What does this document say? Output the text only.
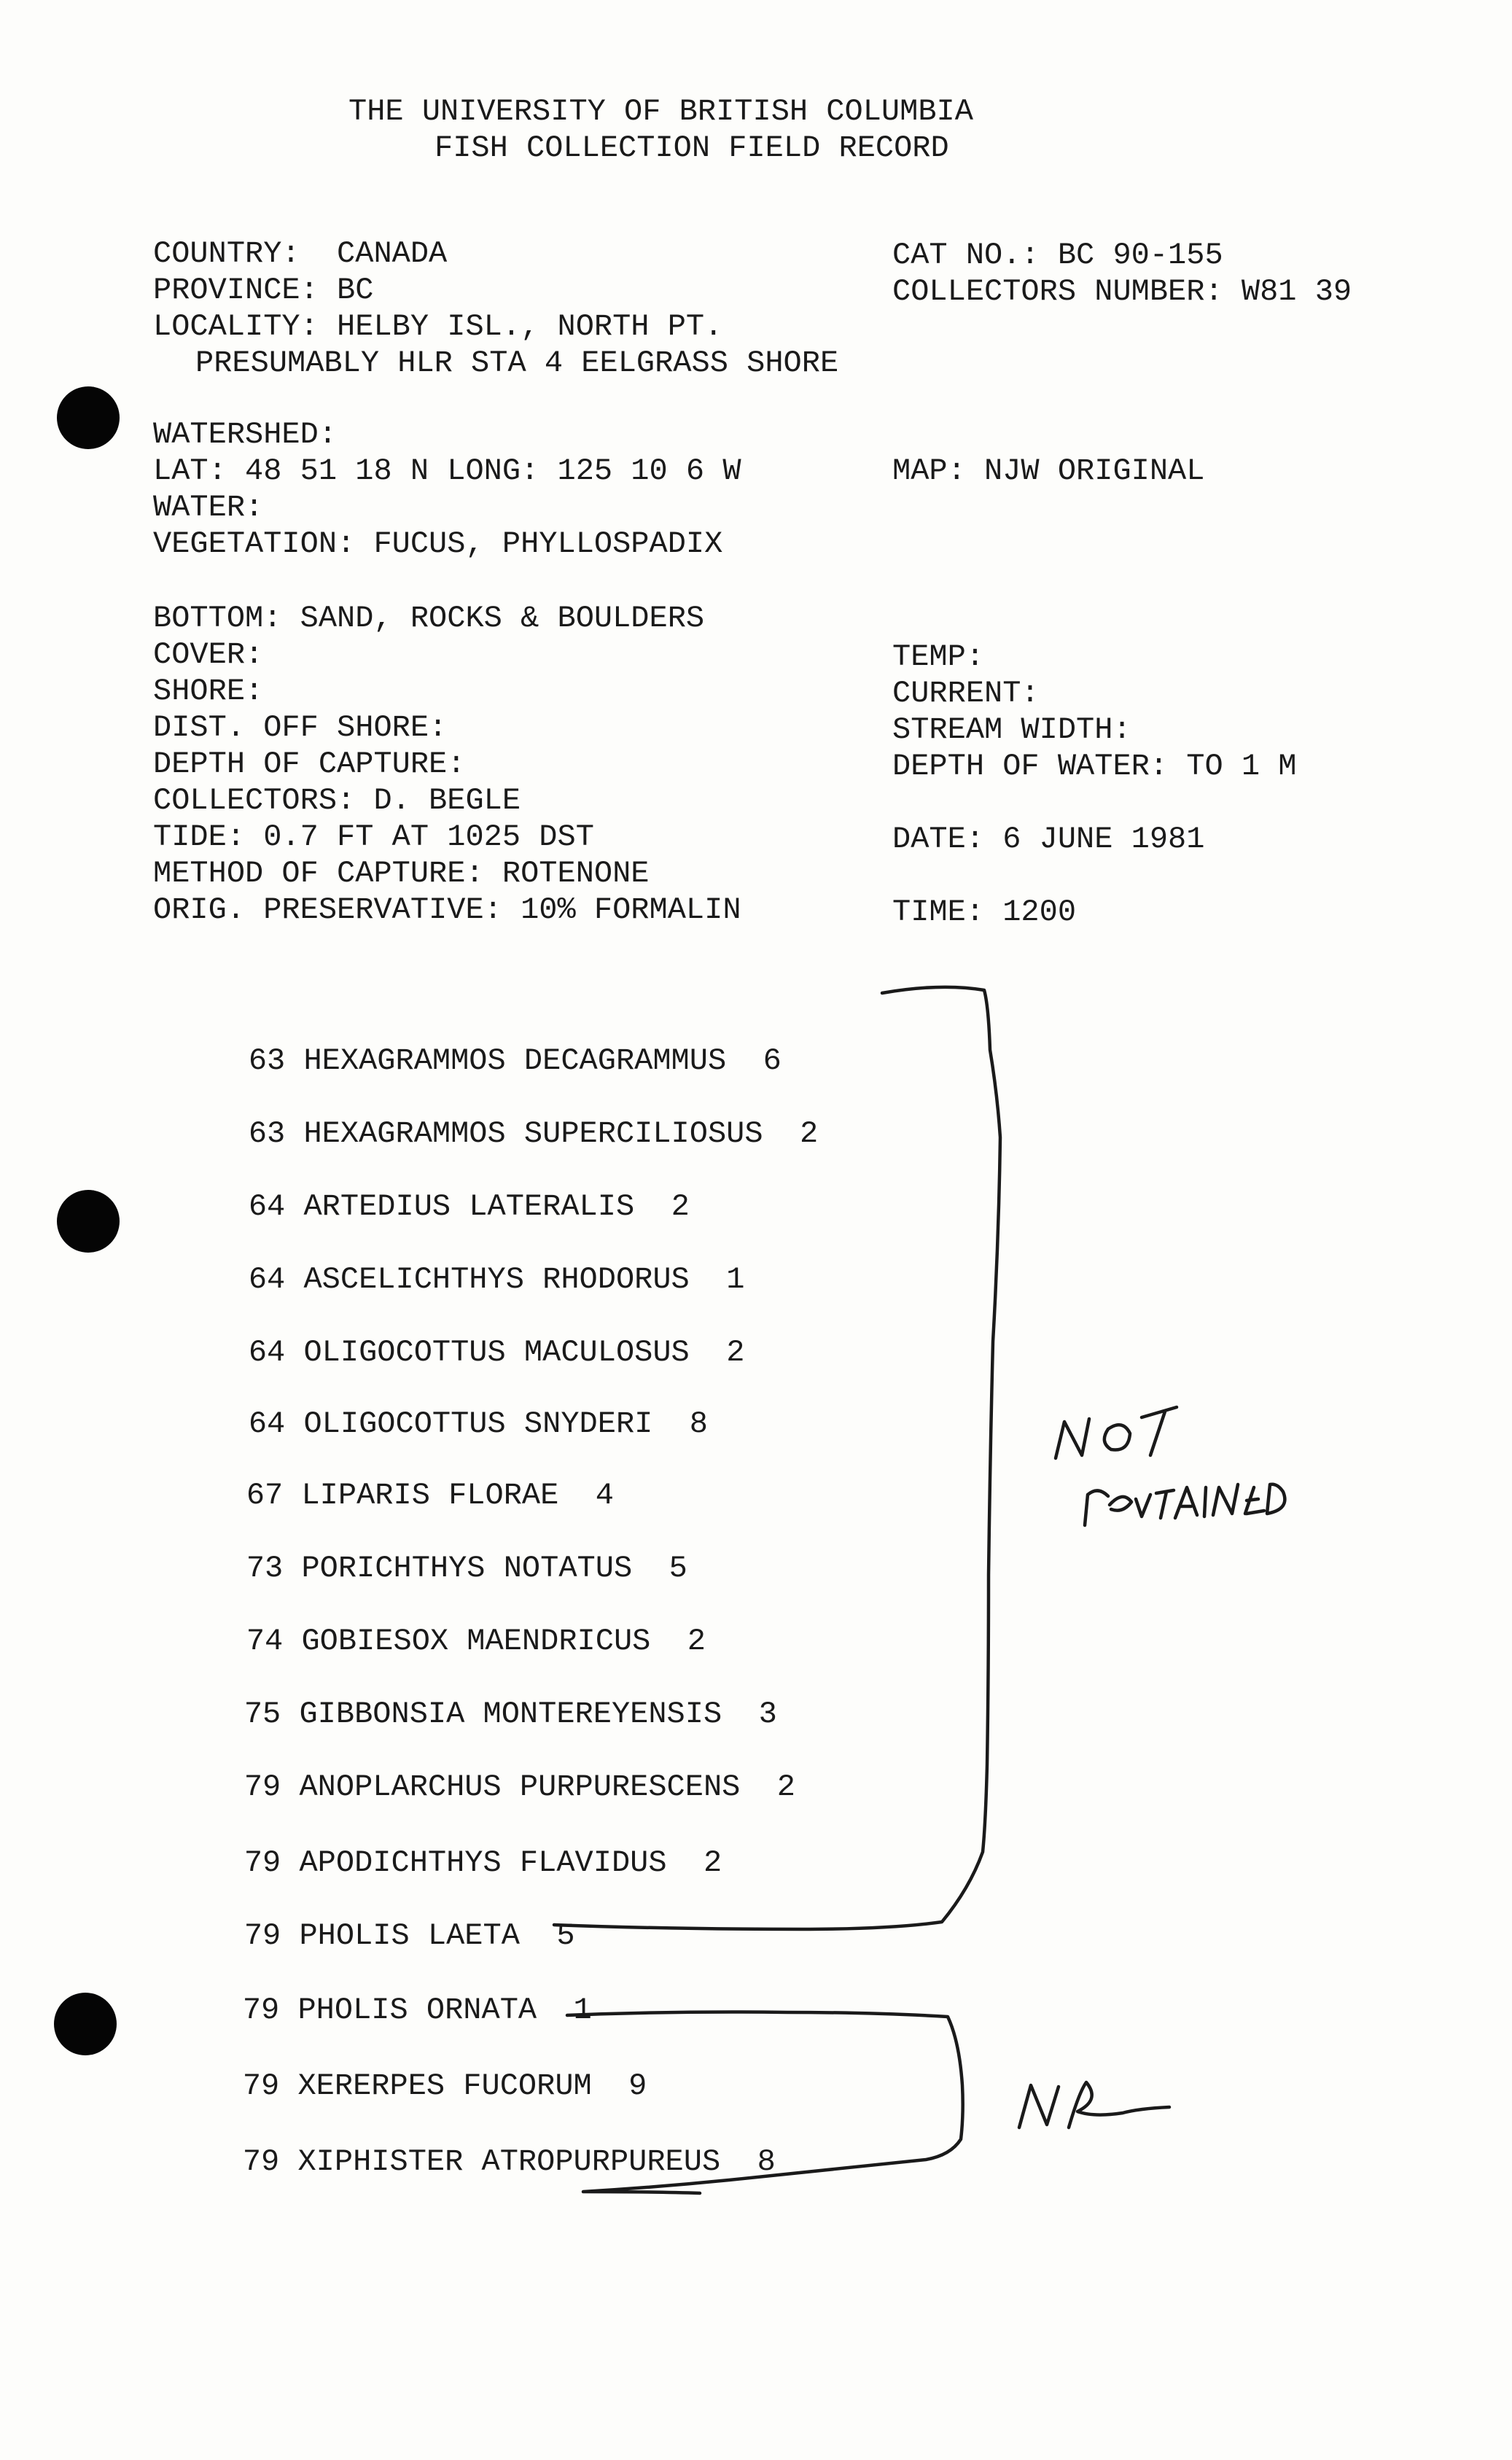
THE UNIVERSITY OF BRITISH COLUMBIA
FISH COLLECTION FIELD RECORD
COUNTRY:  CANADA
PROVINCE: BC
LOCALITY: HELBY ISL., NORTH PT.
PRESUMABLY HLR STA 4 EELGRASS SHORE
WATERSHED:
LAT: 48 51 18 N LONG: 125 10 6 W
WATER:
VEGETATION: FUCUS, PHYLLOSPADIX
BOTTOM: SAND, ROCKS & BOULDERS
COVER:
SHORE:
DIST. OFF SHORE:
DEPTH OF CAPTURE:
COLLECTORS: D. BEGLE
TIDE: 0.7 FT AT 1025 DST
METHOD OF CAPTURE: ROTENONE
ORIG. PRESERVATIVE: 10% FORMALIN
CAT NO.: BC 90-155
COLLECTORS NUMBER: W81 39
MAP: NJW ORIGINAL
TEMP:
CURRENT:
STREAM WIDTH:
DEPTH OF WATER: TO 1 M
DATE: 6 JUNE 1981
TIME: 1200

63 HEXAGRAMMOS DECAGRAMMUS 6

63 HEXAGRAMMOS SUPERCILIOSUS 2

64 ARTEDIUS LATERALIS 2

64 ASCELICHTHYS RHODORUS 1

64 OLIGOCOTTUS MACULOSUS 2

64 OLIGOCOTTUS SNYDERI 8

67 LIPARIS FLORAE 4

73 PORICHTHYS NOTATUS 5

74 GOBIESOX MAENDRICUS 2

75 GIBBONSIA MONTEREYENSIS 3

79 ANOPLARCHUS PURPURESCENS 2

79 APODICHTHYS FLAVIDUS 2

79 PHOLIS LAETA 5

79 PHOLIS ORNATA 1

79 XERERPES FUCORUM 9

79 XIPHISTER ATROPURPUREUS 8
